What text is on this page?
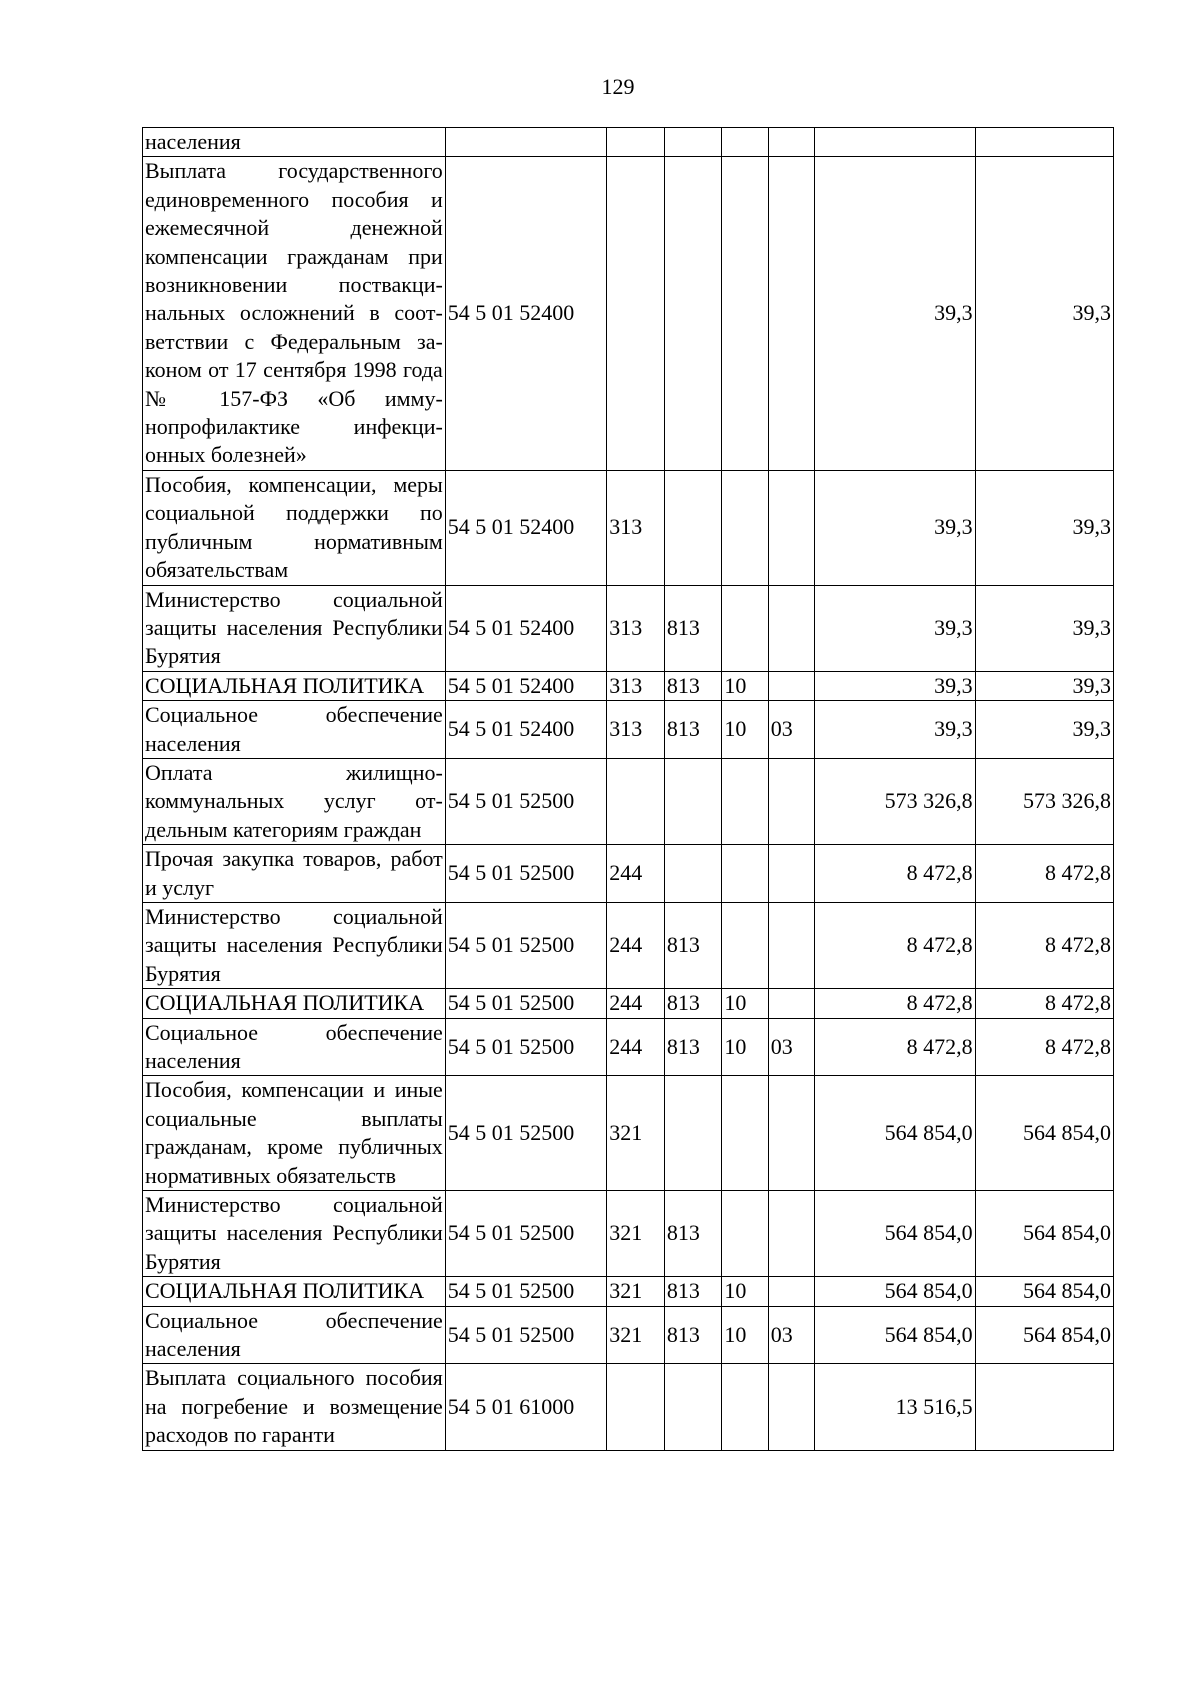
129
населения							
Выплата государственного единовременного пособия и ежемесячной денежной компенсации гражданам при возникновении поствакцинальных осложнений в соответствии с Федеральным законом от 17 сентября 1998 года № 157-ФЗ «Об иммунопрофилактике инфекционных болезней»	54 5 01 52400					39,3	39,3
Пособия, компенсации, меры социальной поддержки по публичным нормативным обязательствам	54 5 01 52400	313				39,3	39,3
Министерство социальной защиты населения Республики Бурятия	54 5 01 52400	313	813			39,3	39,3
СОЦИАЛЬНАЯ ПОЛИТИКА	54 5 01 52400	313	813	10		39,3	39,3
Социальное обеспечение населения	54 5 01 52400	313	813	10	03	39,3	39,3
Оплата жилищно-коммунальных услуг отдельным категориям граждан	54 5 01 52500					573 326,8	573 326,8
Прочая закупка товаров, работ и услуг	54 5 01 52500	244				8 472,8	8 472,8
Министерство социальной защиты населения Республики Бурятия	54 5 01 52500	244	813			8 472,8	8 472,8
СОЦИАЛЬНАЯ ПОЛИТИКА	54 5 01 52500	244	813	10		8 472,8	8 472,8
Социальное обеспечение населения	54 5 01 52500	244	813	10	03	8 472,8	8 472,8
Пособия, компенсации и иные социальные выплаты гражданам, кроме публичных нормативных обязательств	54 5 01 52500	321				564 854,0	564 854,0
Министерство социальной защиты населения Республики Бурятия	54 5 01 52500	321	813			564 854,0	564 854,0
СОЦИАЛЬНАЯ ПОЛИТИКА	54 5 01 52500	321	813	10		564 854,0	564 854,0
Социальное обеспечение населения	54 5 01 52500	321	813	10	03	564 854,0	564 854,0
Выплата социального пособия на погребение и возмещение расходов по гаранти	54 5 01 61000					13 516,5	
